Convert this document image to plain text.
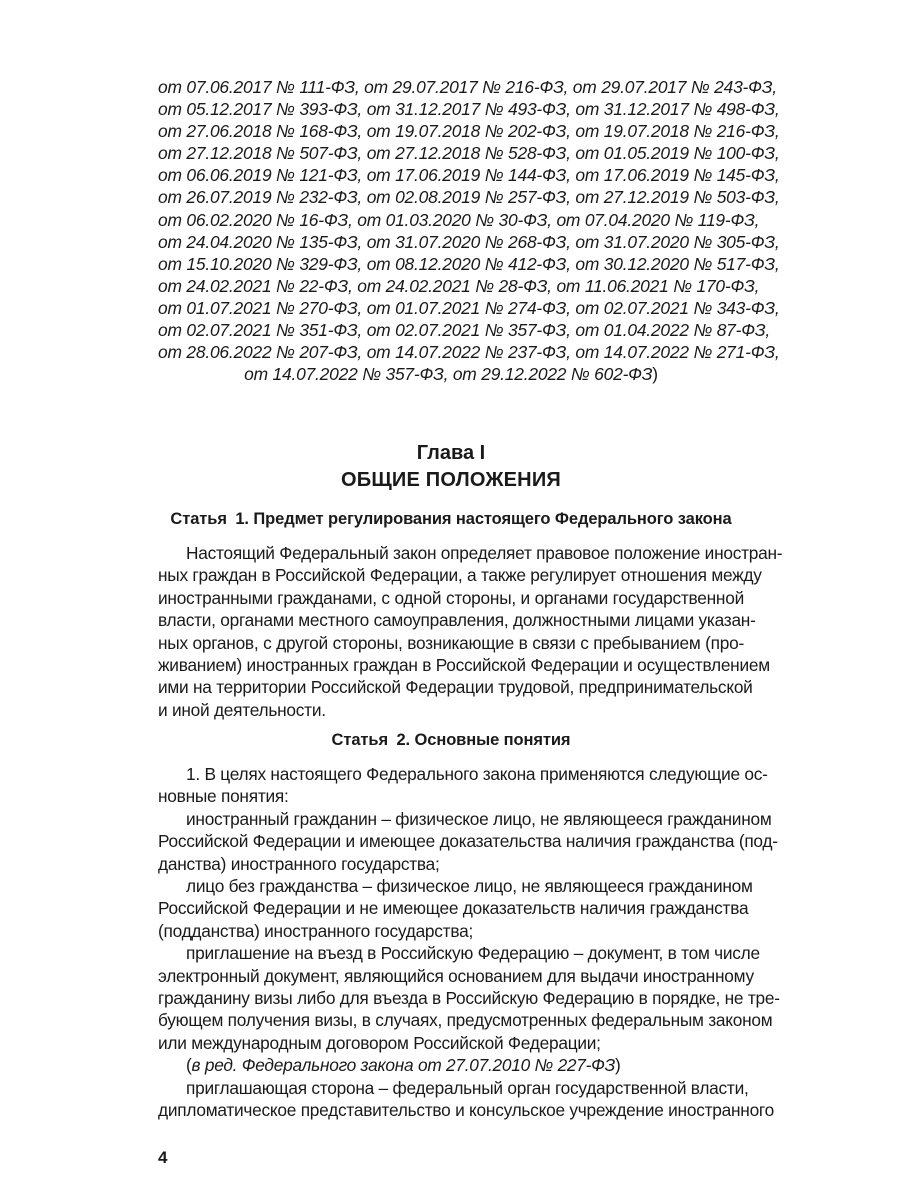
от 07.06.2017 № 111-ФЗ, от 29.07.2017 № 216-ФЗ, от 29.07.2017 № 243-ФЗ,
от 05.12.2017 № 393-ФЗ, от 31.12.2017 № 493-ФЗ, от 31.12.2017 № 498-ФЗ,
от 27.06.2018 № 168-ФЗ, от 19.07.2018 № 202-ФЗ, от 19.07.2018 № 216-ФЗ,
от 27.12.2018 № 507-ФЗ, от 27.12.2018 № 528-ФЗ, от 01.05.2019 № 100-ФЗ,
от 06.06.2019 № 121-ФЗ, от 17.06.2019 № 144-ФЗ, от 17.06.2019 № 145-ФЗ,
от 26.07.2019 № 232-ФЗ, от 02.08.2019 № 257-ФЗ, от 27.12.2019 № 503-ФЗ,
от 06.02.2020 № 16-ФЗ, от 01.03.2020 № 30-ФЗ, от 07.04.2020 № 119-ФЗ,
от 24.04.2020 № 135-ФЗ, от 31.07.2020 № 268-ФЗ, от 31.07.2020 № 305-ФЗ,
от 15.10.2020 № 329-ФЗ, от 08.12.2020 № 412-ФЗ, от 30.12.2020 № 517-ФЗ,
от 24.02.2021 № 22-ФЗ, от 24.02.2021 № 28-ФЗ, от 11.06.2021 № 170-ФЗ,
от 01.07.2021 № 270-ФЗ, от 01.07.2021 № 274-ФЗ, от 02.07.2021 № 343-ФЗ,
от 02.07.2021 № 351-ФЗ, от 02.07.2021 № 357-ФЗ, от 01.04.2022 № 87-ФЗ,
от 28.06.2022 № 207-ФЗ, от 14.07.2022 № 237-ФЗ, от 14.07.2022 № 271-ФЗ,
от 14.07.2022 № 357-ФЗ, от 29.12.2022 № 602-ФЗ)
Глава I
ОБЩИЕ ПОЛОЖЕНИЯ
Статья 1. Предмет регулирования настоящего Федерального закона
Настоящий Федеральный закон определяет правовое положение иностран-
ных граждан в Российской Федерации, а также регулирует отношения между
иностранными гражданами, с одной стороны, и органами государственной
власти, органами местного самоуправления, должностными лицами указан-
ных органов, с другой стороны, возникающие в связи с пребыванием (про-
живанием) иностранных граждан в Российской Федерации и осуществлением
ими на территории Российской Федерации трудовой, предпринимательской
и иной деятельности.
Статья 2. Основные понятия
1. В целях настоящего Федерального закона применяются следующие ос-
новные понятия:
иностранный гражданин – физическое лицо, не являющееся гражданином
Российской Федерации и имеющее доказательства наличия гражданства (под-
данства) иностранного государства;
лицо без гражданства – физическое лицо, не являющееся гражданином
Российской Федерации и не имеющее доказательств наличия гражданства
(подданства) иностранного государства;
приглашение на въезд в Российскую Федерацию – документ, в том числе
электронный документ, являющийся основанием для выдачи иностранному
гражданину визы либо для въезда в Российскую Федерацию в порядке, не тре-
бующем получения визы, в случаях, предусмотренных федеральным законом
или международным договором Российской Федерации;
(в ред. Федерального закона от 27.07.2010 № 227-ФЗ)
приглашающая сторона – федеральный орган государственной власти,
дипломатическое представительство и консульское учреждение иностранного
4
